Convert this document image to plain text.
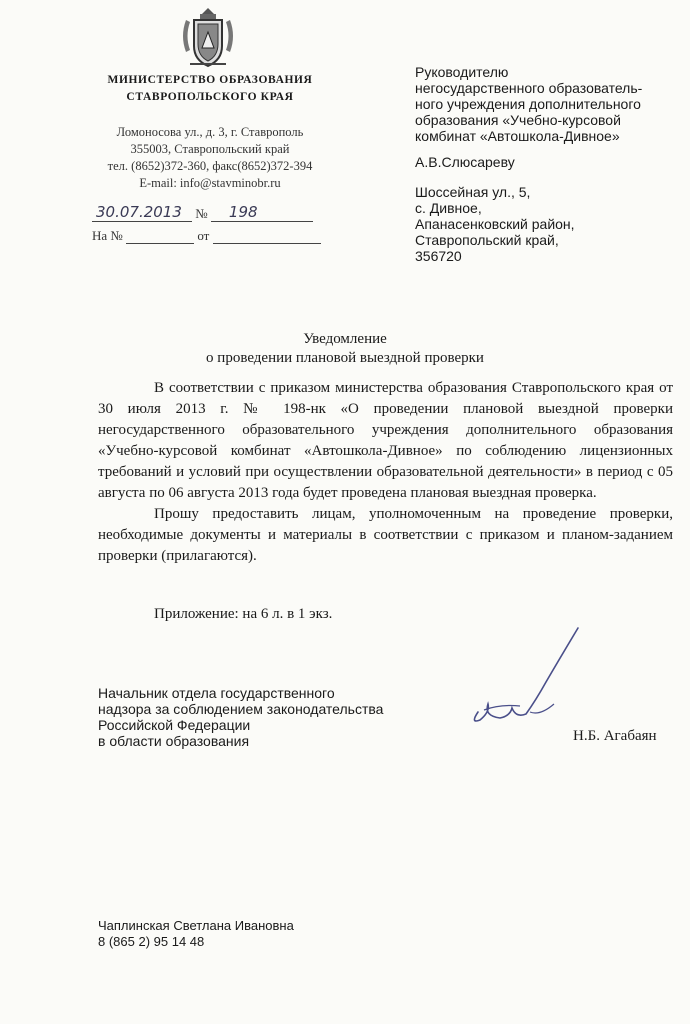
МИНИСТЕРСТВО ОБРАЗОВАНИЯ
СТАВРОПОЛЬСКОГО КРАЯ
Ломоносова ул., д. 3, г. Ставрополь
355003, Ставропольский край
тел. (8652)372-360, факс(8652)372-394
E-mail: info@stavminobr.ru
30.07.2013 № 198
На №	от
Руководителю
негосударственного образователь-
ного учреждения дополнительного
образования «Учебно-курсовой
комбинат «Автошкола-Дивное»
А.В.Слюсареву
Шоссейная ул., 5,
с. Дивное,
Апанасенковский район,
Ставропольский край,
356720
Уведомление
о проведении плановой выездной проверки

В соответствии с приказом министерства образования Ставропольского края от 30 июля 2013 г. № 198-нк «О проведении плановой выездной проверки негосударственного образовательного учреждения дополнительного образования «Учебно-курсовой комбинат «Автошкола-Дивное» по соблюдению лицензионных требований и условий при осуществлении образовательной деятельности» в период с 05 августа по 06 августа 2013 года будет проведена плановая выездная проверка.

Прошу предоставить лицам, уполномоченным на проведение проверки, необходимые документы и материалы в соответствии с приказом и планом-заданием проверки (прилагаются).

Приложение: на 6 л. в 1 экз.
Начальник отдела государственного
надзора за соблюдением законодательства
Российской Федерации
в области образования	Н.Б. Агабаян
Чаплинская Светлана Ивановна
8 (865 2) 95 14 48
